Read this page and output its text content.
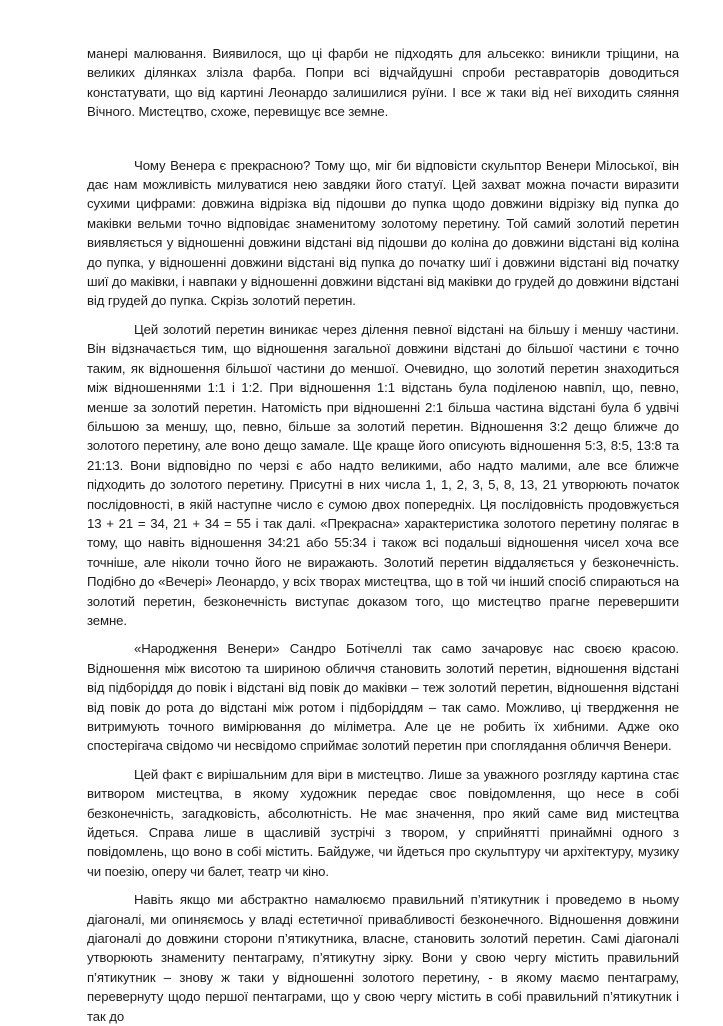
манері малювання. Виявилося, що ці фарби не підходять для альсекко: виникли тріщини, на великих ділянках злізла фарба. Попри всі відчайдушні спроби реставраторів доводиться констатувати, що від картині Леонардо залишилися руїни. І все ж таки від неї виходить сяяння Вічного. Мистецтво, схоже, перевищує все земне.

Чому Венера є прекрасною? Тому що, міг би відповісти скульптор Венери Мілоської, він дає нам можливість милуватися нею завдяки його статуї. Цей захват можна почасти виразити сухими цифрами: довжина відрізка від підошви до пупка щодо довжини відрізку від пупка до маківки вельми точно відповідає знаменитому золотому перетину. Той самий золотий перетин виявляється у відношенні довжини відстані від підошви до коліна до довжини відстані від коліна до пупка, у відношенні довжини відстані від пупка до початку шиї і довжини відстані від початку шиї до маківки, і навпаки у відношенні довжини відстані від маківки до грудей до довжини відстані від грудей до пупка. Скрізь золотий перетин.

Цей золотий перетин виникає через ділення певної відстані на більшу і меншу частини. Він відзначається тим, що відношення загальної довжини відстані до більшої частини є точно таким, як відношення більшої частини до меншої. Очевидно, що золотий перетин знаходиться між відношеннями 1:1 і 1:2. При відношення 1:1 відстань була поділеною навпіл, що, певно, менше за золотий перетин. Натомість при відношенні 2:1 більша частина відстані була б удвічі більшою за меншу, що, певно, більше за золотий перетин. Відношення 3:2 дещо ближче до золотого перетину, але воно дещо замале. Ще краще його описують відношення 5:3, 8:5, 13:8 та 21:13. Вони відповідно по черзі є або надто великими, або надто малими, але все ближче підходить до золотого перетину. Присутні в них числа 1, 1, 2, 3, 5, 8, 13, 21 утворюють початок послідовності, в якій наступне число є сумою двох попередніх. Ця послідовність продовжується 13 + 21 = 34, 21 + 34 = 55 і так далі. «Прекрасна» характеристика золотого перетину полягає в тому, що навіть відношення 34:21 або 55:34 і також всі подальші відношення чисел хоча все точніше, але ніколи точно його не виражають. Золотий перетин віддаляється у безконечність. Подібно до «Вечері» Леонардо, у всіх творах мистецтва, що в той чи інший спосіб спираються на золотий перетин, безконечність виступає доказом того, що мистецтво прагне перевершити земне.

«Народження Венери» Сандро Ботічеллі так само зачаровує нас своєю красою. Відношення між висотою та шириною обличчя становить золотий перетин, відношення відстані від підборіддя до повік і відстані від повік до маківки – теж золотий перетин, відношення відстані від повік до рота до відстані між ротом і підборіддям – так само. Можливо, ці твердження не витримують точного вимірювання до міліметра. Але це не робить їх хибними. Адже око спостерігача свідомо чи несвідомо сприймає золотий перетин при споглядання обличчя Венери.

Цей факт є вирішальним для віри в мистецтво. Лише за уважного розгляду картина стає витвором мистецтва, в якому художник передає своє повідомлення, що несе в собі безконечність, загадковість, абсолютність. Не має значення, про який саме вид мистецтва йдеться. Справа лише в щасливій зустрічі з твором, у сприйнятті принаймні одного з повідомлень, що воно в собі містить. Байдуже, чи йдеться про скульптуру чи архітектуру, музику чи поезію, оперу чи балет, театр чи кіно.

Навіть якщо ми абстрактно намалюємо правильний п’ятикутник і проведемо в ньому діагоналі, ми опиняємось у владі естетичної привабливості безконечного. Відношення довжини діагоналі до довжини сторони п’ятикутника, власне, становить золотий перетин. Самі діагоналі утворюють знамениту пентаграму, п’ятикутну зірку. Вони у свою чергу містить правильний п’ятикутник – знову ж таки у відношенні золотого перетину, - в якому маємо пентаграму, перевернуту щодо першої пентаграми, що у свою чергу містить в собі правильний п’ятикутник і так до
